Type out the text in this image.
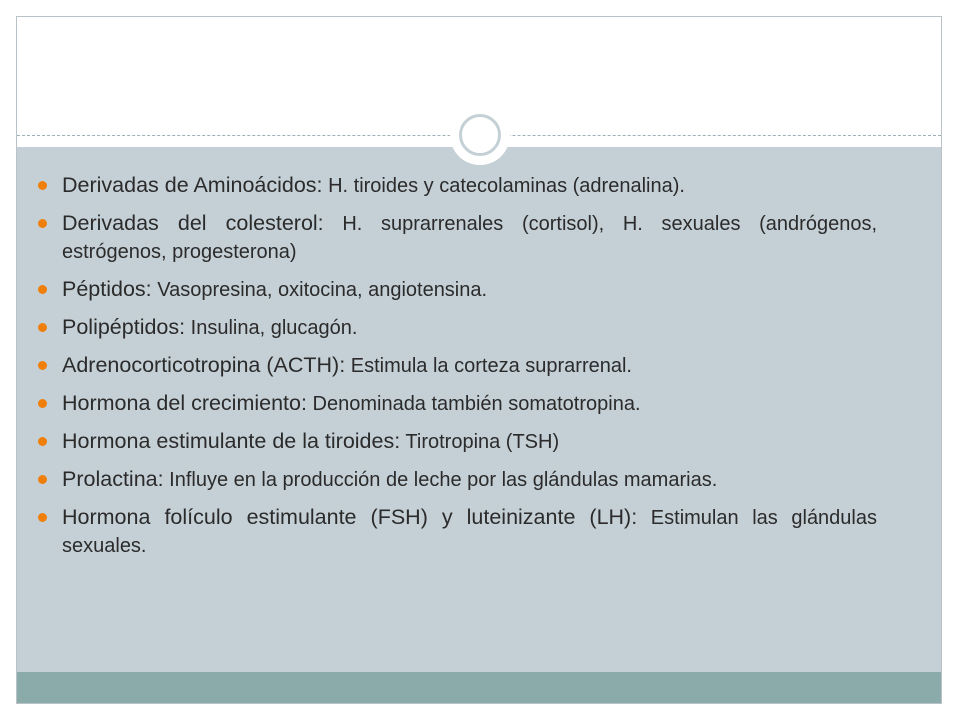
Derivadas de Aminoácidos: H. tiroides y catecolaminas (adrenalina).
Derivadas del colesterol: H. suprarrenales (cortisol), H. sexuales (andrógenos, estrógenos, progesterona)
Péptidos: Vasopresina, oxitocina, angiotensina.
Polipéptidos: Insulina, glucagón.
Adrenocorticotropina (ACTH): Estimula la corteza suprarrenal.
Hormona del crecimiento: Denominada también somatotropina.
Hormona estimulante de la tiroides: Tirotropina (TSH)
Prolactina: Influye en la producción de leche por las glándulas mamarias.
Hormona folículo estimulante (FSH) y luteinizante (LH): Estimulan las glándulas sexuales.
